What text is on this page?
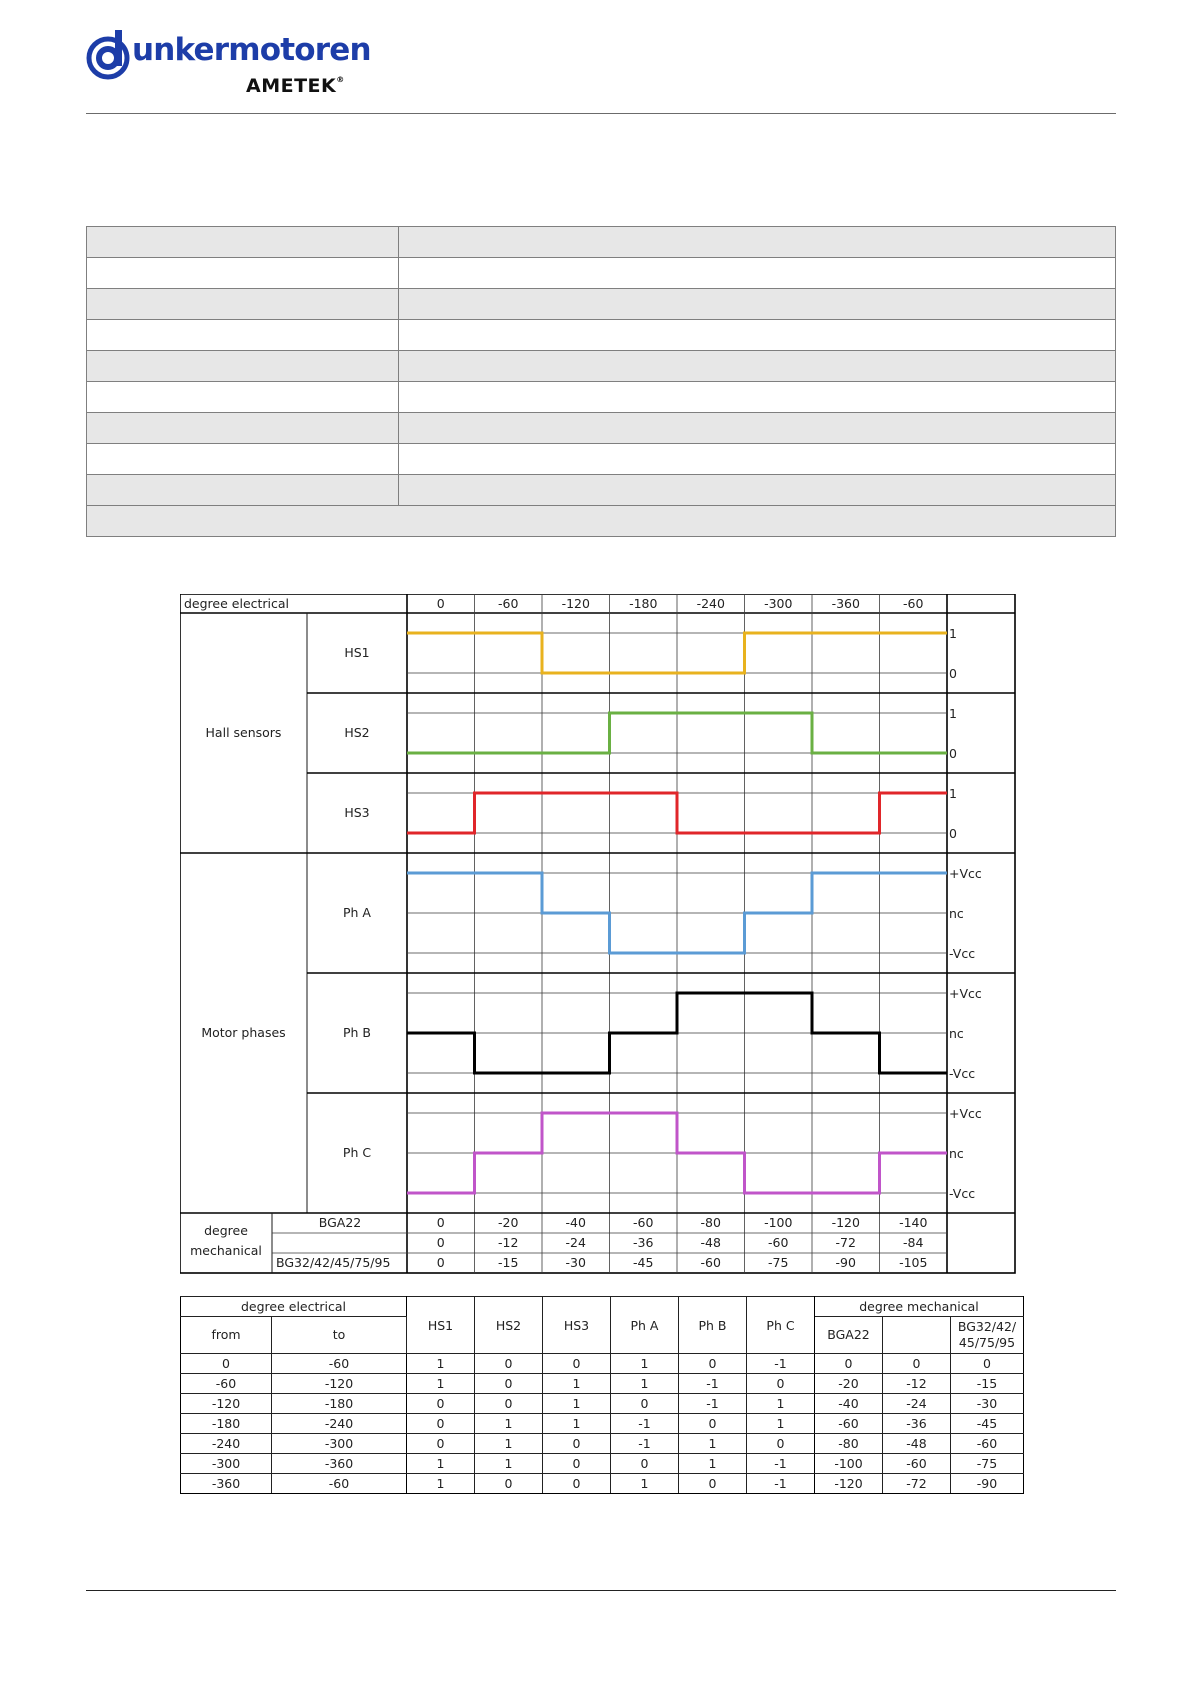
unkermotoren
AMETEK®

degree electrical	0	-60	-120	-180	-240	-300	-360	-60
1
0
HS1
1
0
HS2
1
0
HS3
+Vcc
nc
-Vcc
Ph A
+Vcc
nc
-Vcc
Ph B
+Vcc
nc
-Vcc
Ph C
Hall sensors
Motor phases
degree
mechanical
BGA22	0	-20	-40	-60	-80	-100	-120	-140
0	-12	-24	-36	-48	-60	-72	-84
BG32/42/45/75/95	0	-15	-30	-45	-60	-75	-90	-105
degree electrical		HS1	HS2	HS3	Ph A	Ph B	Ph C	degree mechanical		
from	to							BGA22		BG32/42/
45/75/95
0	-60	1	0	0	1	0	-1	0	0	0
-60	-120	1	0	1	1	-1	0	-20	-12	-15
-120	-180	0	0	1	0	-1	1	-40	-24	-30
-180	-240	0	1	1	-1	0	1	-60	-36	-45
-240	-300	0	1	0	-1	1	0	-80	-48	-60
-300	-360	1	1	0	0	1	-1	-100	-60	-75
-360	-60	1	0	0	1	0	-1	-120	-72	-90
